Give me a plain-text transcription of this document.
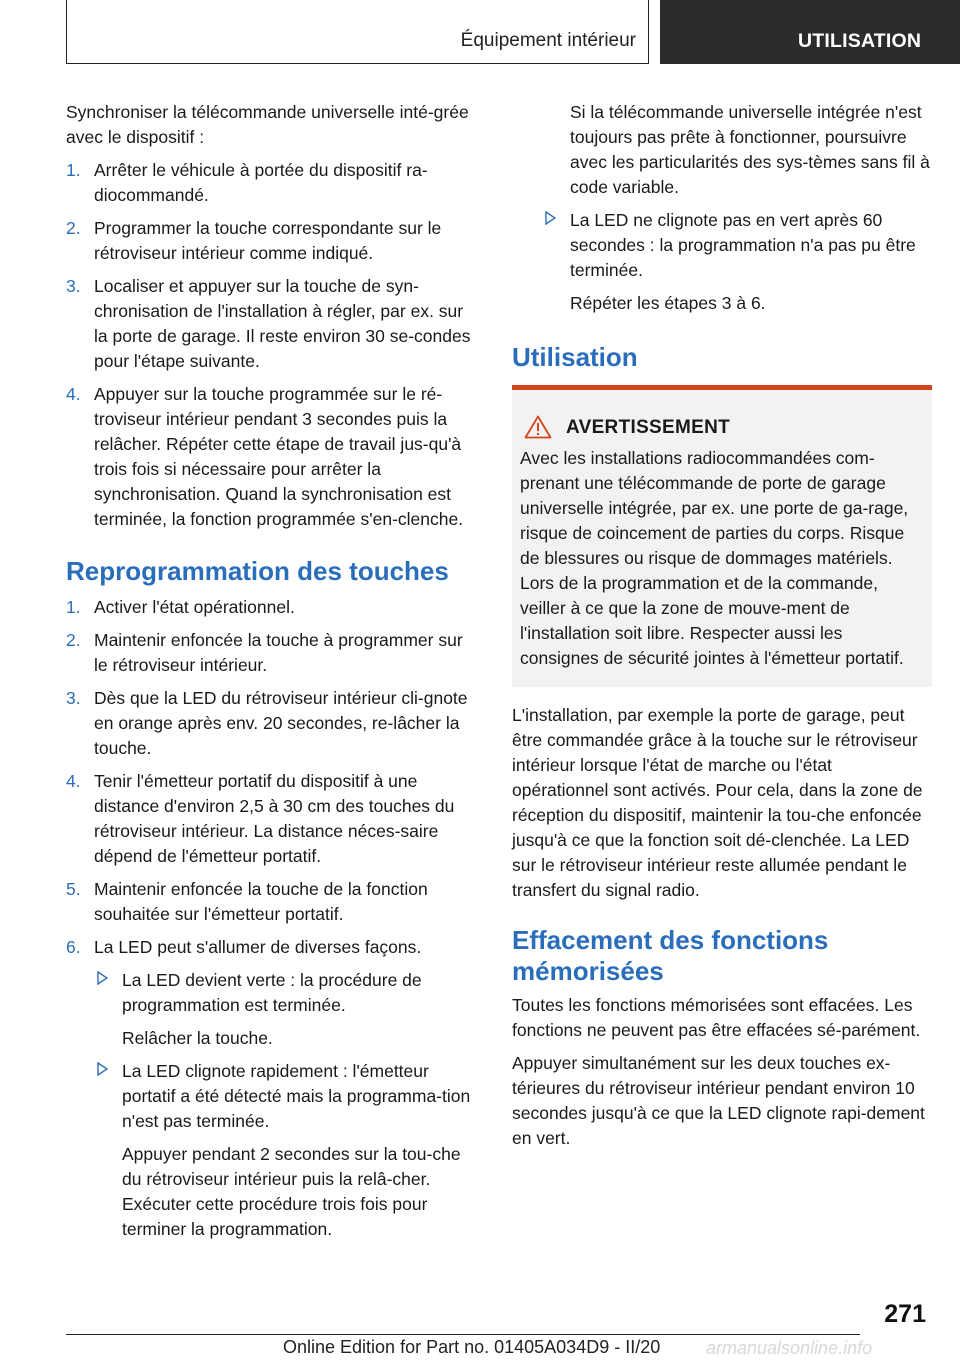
Équipement intérieur	UTILISATION

Synchroniser la télécommande universelle inté-grée avec le dispositif :

1. Arrêter le véhicule à portée du dispositif ra-diocommandé.
2. Programmer la touche correspondante sur le rétroviseur intérieur comme indiqué.
3. Localiser et appuyer sur la touche de syn-chronisation de l'installation à régler, par ex. sur la porte de garage. Il reste environ 30 se-condes pour l'étape suivante.
4. Appuyer sur la touche programmée sur le ré-troviseur intérieur pendant 3 secondes puis la relâcher. Répéter cette étape de travail jus-qu'à trois fois si nécessaire pour arrêter la synchronisation. Quand la synchronisation est terminée, la fonction programmée s'en-clenche.
Reprogrammation des touches
1. Activer l'état opérationnel.
2. Maintenir enfoncée la touche à programmer sur le rétroviseur intérieur.
3. Dès que la LED du rétroviseur intérieur cli-gnote en orange après env. 20 secondes, re-lâcher la touche.
4. Tenir l'émetteur portatif du dispositif à une distance d'environ 2,5 à 30 cm des touches du rétroviseur intérieur. La distance néces-saire dépend de l'émetteur portatif.
5. Maintenir enfoncée la touche de la fonction souhaitée sur l'émetteur portatif.
6. La LED peut s'allumer de diverses façons.
La LED devient verte : la procédure de programmation est terminée.

Relâcher la touche.

La LED clignote rapidement : l'émetteur portatif a été détecté mais la programma-tion n'est pas terminée.

Appuyer pendant 2 secondes sur la tou-che du rétroviseur intérieur puis la relâ-cher. Exécuter cette procédure trois fois pour terminer la programmation.

Si la télécommande universelle intégrée n'est toujours pas prête à fonctionner, poursuivre avec les particularités des sys-tèmes sans fil à code variable.

La LED ne clignote pas en vert après 60 secondes : la programmation n'a pas pu être terminée.

Répéter les étapes 3 à 6.

Utilisation
AVERTISSEMENT

Avec les installations radiocommandées com-prenant une télécommande de porte de garage universelle intégrée, par ex. une porte de ga-rage, risque de coincement de parties du corps. Risque de blessures ou risque de dommages matériels. Lors de la programmation et de la commande, veiller à ce que la zone de mouve-ment de l'installation soit libre. Respecter aussi les consignes de sécurité jointes à l'émetteur portatif.

L'installation, par exemple la porte de garage, peut être commandée grâce à la touche sur le rétroviseur intérieur lorsque l'état de marche ou l'état opérationnel sont activés. Pour cela, dans la zone de réception du dispositif, maintenir la tou-che enfoncée jusqu'à ce que la fonction soit dé-clenchée. La LED sur le rétroviseur intérieur reste allumée pendant le transfert du signal radio.

Effacement des fonctions mémorisées

Toutes les fonctions mémorisées sont effacées. Les fonctions ne peuvent pas être effacées sé-parément.

Appuyer simultanément sur les deux touches ex-térieures du rétroviseur intérieur pendant environ 10 secondes jusqu'à ce que la LED clignote rapi-dement en vert.

271
Online Edition for Part no. 01405A034D9 - II/20	armanualsonline.info
